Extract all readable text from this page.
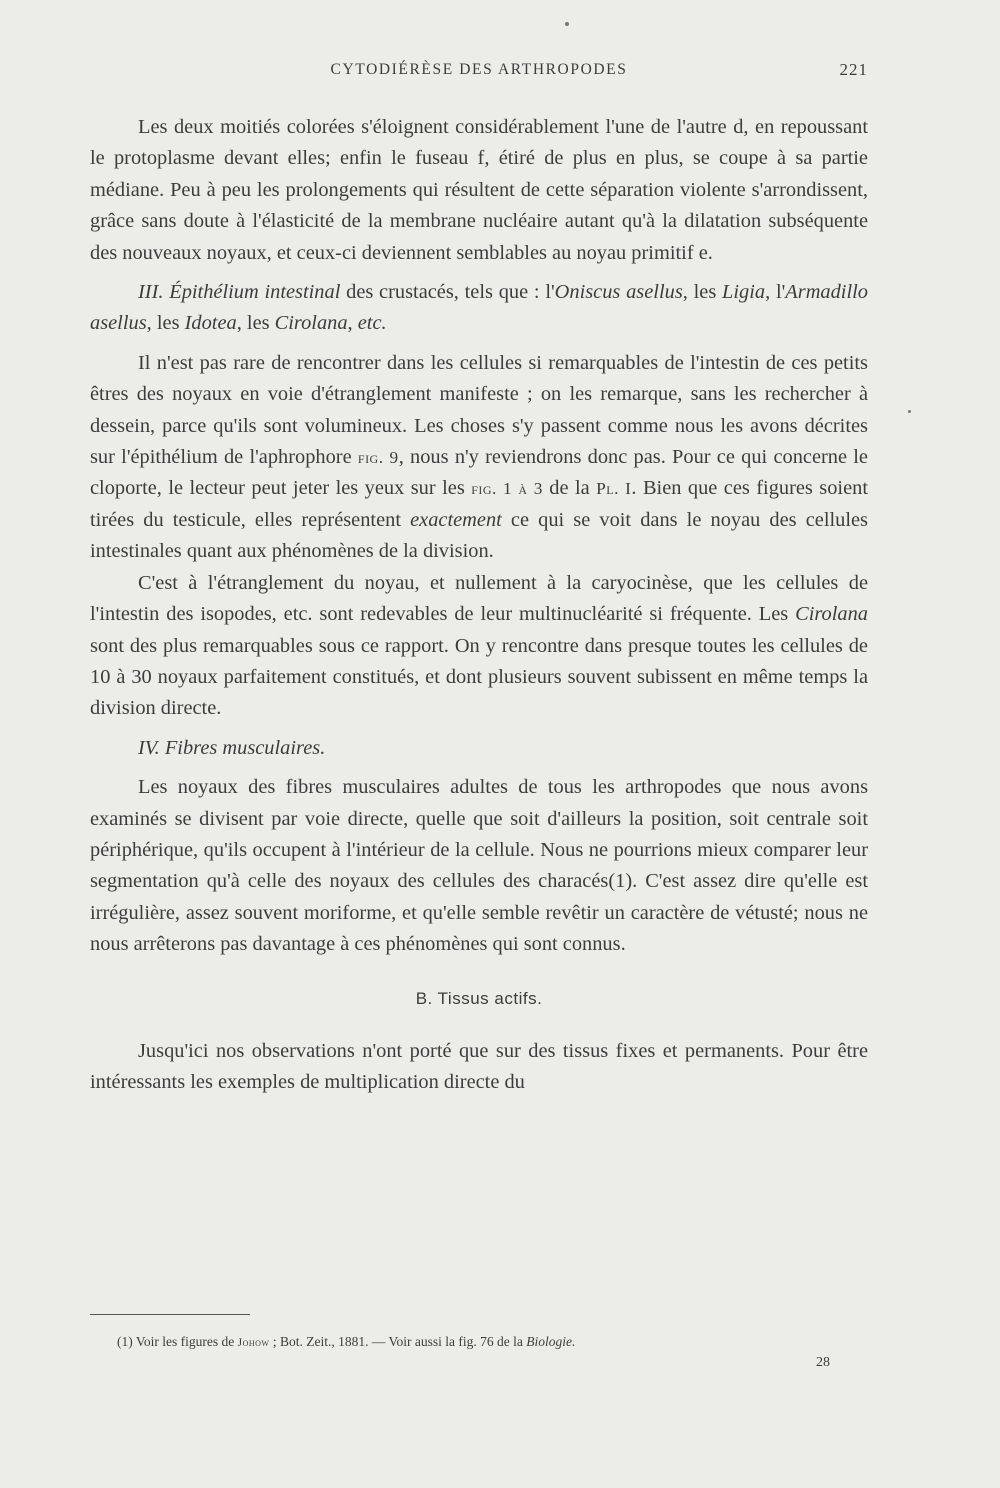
CYTODIÉRÈSE DES ARTHROPODES	221

Les deux moitiés colorées s'éloignent considérablement l'une de l'autre d, en repoussant le protoplasme devant elles; enfin le fuseau f, étiré de plus en plus, se coupe à sa partie médiane. Peu à peu les prolongements qui résultent de cette séparation violente s'arrondissent, grâce sans doute à l'élasticité de la membrane nucléaire autant qu'à la dilatation subséquente des nouveaux noyaux, et ceux-ci deviennent semblables au noyau primitif e.

III. Épithélium intestinal des crustacés, tels que : l'Oniscus asellus, les Ligia, l'Armadillo asellus, les Idotea, les Cirolana, etc.

Il n'est pas rare de rencontrer dans les cellules si remarquables de l'intestin de ces petits êtres des noyaux en voie d'étranglement manifeste ; on les remarque, sans les rechercher à dessein, parce qu'ils sont volumineux. Les choses s'y passent comme nous les avons décrites sur l'épithélium de l'aphrophore fig. 9, nous n'y reviendrons donc pas. Pour ce qui concerne le cloporte, le lecteur peut jeter les yeux sur les fig. 1 à 3 de la Pl. I. Bien que ces figures soient tirées du testicule, elles représentent exactement ce qui se voit dans le noyau des cellules intestinales quant aux phénomènes de la division.

C'est à l'étranglement du noyau, et nullement à la caryocinèse, que les cellules de l'intestin des isopodes, etc. sont redevables de leur multinucléarité si fréquente. Les Cirolana sont des plus remarquables sous ce rapport. On y rencontre dans presque toutes les cellules de 10 à 30 noyaux parfaitement constitués, et dont plusieurs souvent subissent en même temps la division directe.

IV. Fibres musculaires.

Les noyaux des fibres musculaires adultes de tous les arthropodes que nous avons examinés se divisent par voie directe, quelle que soit d'ailleurs la position, soit centrale soit périphérique, qu'ils occupent à l'intérieur de la cellule. Nous ne pourrions mieux comparer leur segmentation qu'à celle des noyaux des cellules des characés(1). C'est assez dire qu'elle est irrégulière, assez souvent moriforme, et qu'elle semble revêtir un caractère de vétusté; nous ne nous arrêterons pas davantage à ces phénomènes qui sont connus.

B. Tissus actifs.

Jusqu'ici nos observations n'ont porté que sur des tissus fixes et permanents. Pour être intéressants les exemples de multiplication directe du

(1) Voir les figures de Johow ; Bot. Zeit., 1881. — Voir aussi la fig. 76 de la Biologie.
28
